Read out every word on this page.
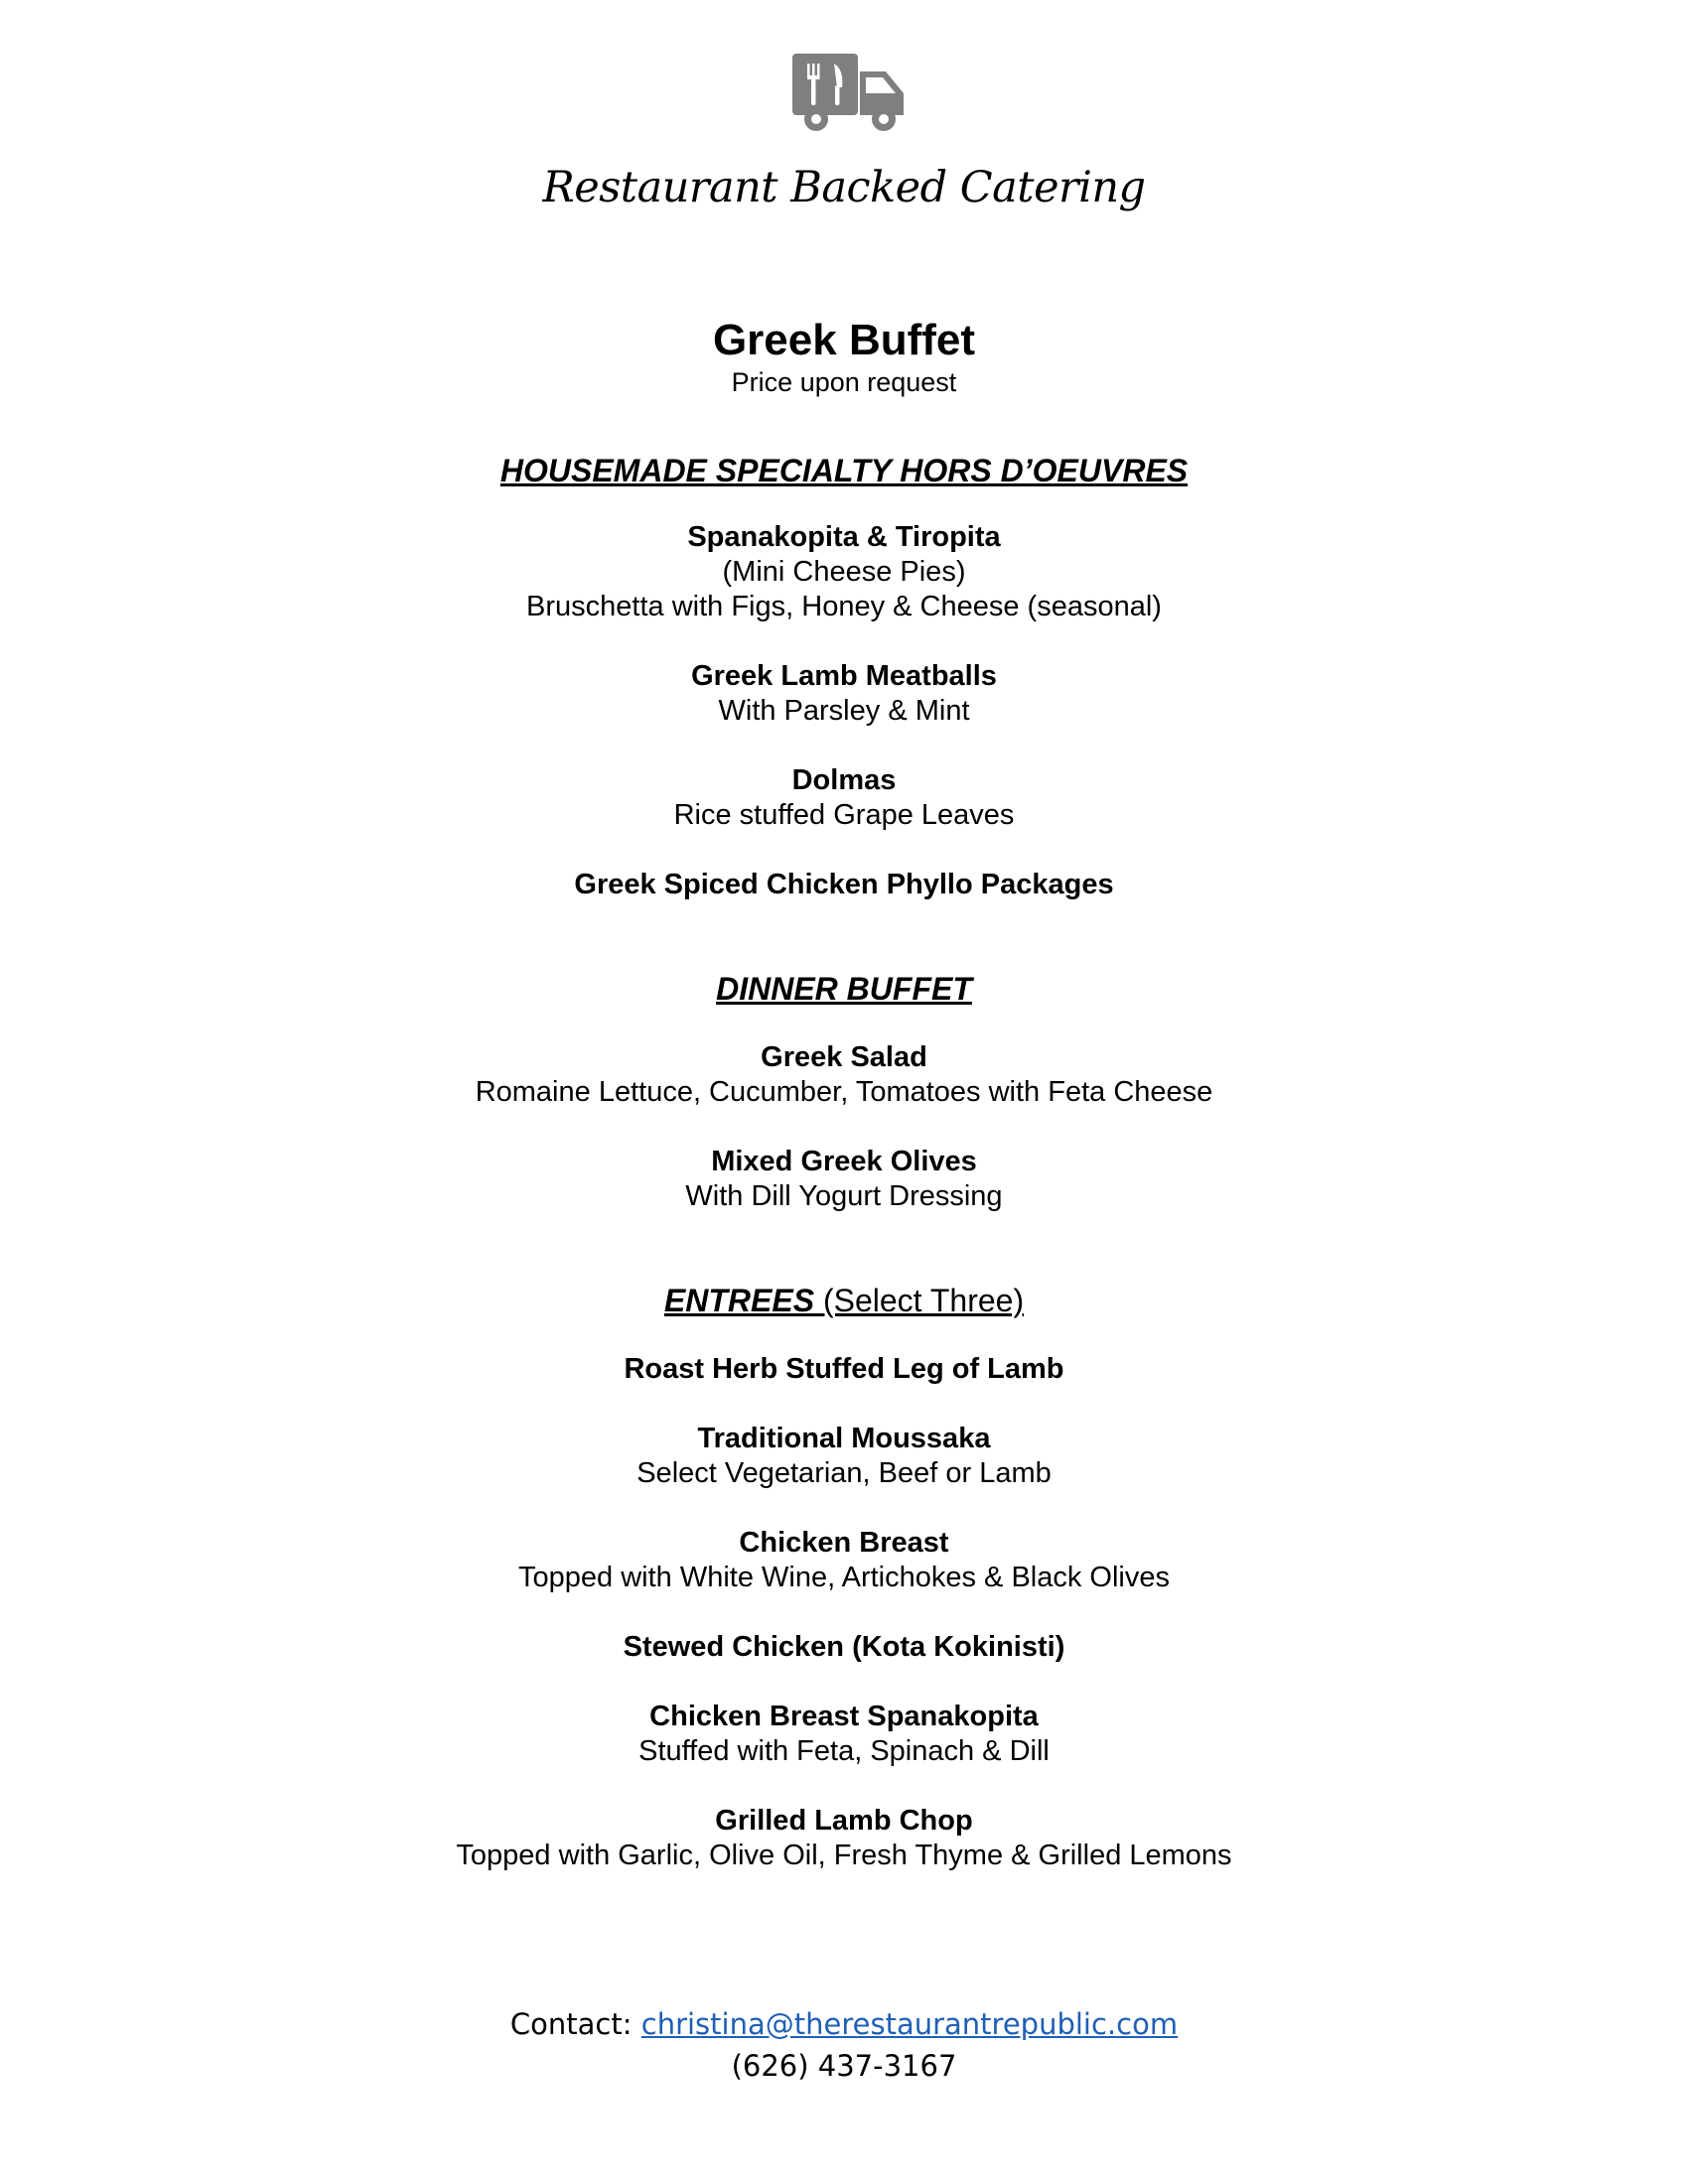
Restaurant Backed Catering
Greek Buffet

Price upon request

HOUSEMADE SPECIALTY HORS D’OEUVRES

Spanakopita & Tiropita

(Mini Cheese Pies)

Bruschetta with Figs, Honey & Cheese (seasonal)

Greek Lamb Meatballs

With Parsley & Mint

Dolmas

Rice stuffed Grape Leaves

Greek Spiced Chicken Phyllo Packages

DINNER BUFFET

Greek Salad

Romaine Lettuce, Cucumber, Tomatoes with Feta Cheese

Mixed Greek Olives

With Dill Yogurt Dressing

ENTREES (Select Three)

Roast Herb Stuffed Leg of Lamb

Traditional Moussaka

Select Vegetarian, Beef or Lamb

Chicken Breast

Topped with White Wine, Artichokes & Black Olives

Stewed Chicken (Kota Kokinisti)

Chicken Breast Spanakopita

Stuffed with Feta, Spinach & Dill

Grilled Lamb Chop

Topped with Garlic, Olive Oil, Fresh Thyme & Grilled Lemons

Contact: christina@therestaurantrepublic.com
(626) 437-3167
